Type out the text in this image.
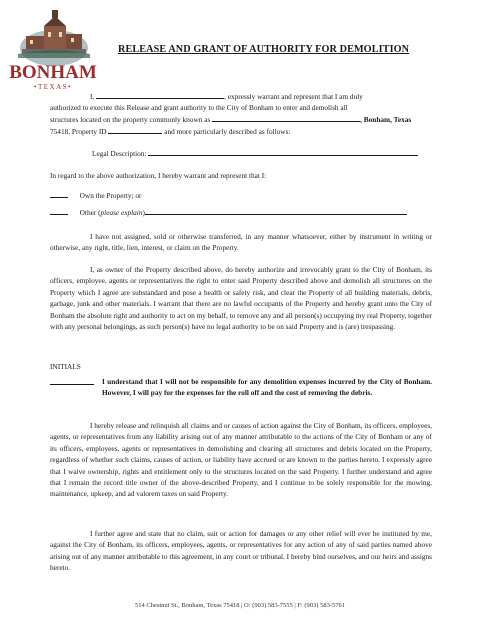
BONHAM
•TEXAS•
RELEASE AND GRANT OF AUTHORITY FOR DEMOLITION
I,	, expressly warrant and represent that I am duly
authorized to execute this Release and grant authority to the City of Bonham to enter and demolish all
structures located on the property commonly known as	, Bonham, Texas
75418, Property ID	and more particularly described as follows:
Legal Description:
In regard to the above authorization, I hereby warrant and represent that I:
Own the Property; or
Other (please explain)
I have not assigned, sold or otherwise transferred, in any manner whatsoever, either by instrument in writing or otherwise, any right, title, lien, interest, or claim on the Property.
I, as owner of the Property described above, do hereby authorize and irrevocably grant to the City of Bonham, its officers, employee, agents or representatives the right to enter said Property described above and demolish all structures on the Property which I agree are substandard and pose a health or safety risk, and clear the Property of all building materials, debris, garbage, junk and other materials. I warrant that there are no lawful occupants of the Property and hereby grant unto the City of Bonham the absolute right and authority to act on my behalf, to remove any and all person(s) occupying my real Property, together with any personal belongings, as such person(s) have no legal authority to be on said Property and is (are) trespassing.
INITIALS
I understand that I will not be responsible for any demolition expenses incurred by the City of Bonham. However, I will pay for the expenses for the roll off and the cost of removing the debris.
I hereby release and relinquish all claims and or causes of action against the City of Bonham, its officers, employees, agents, or representatives from any liability arising out of any manner attributable to the actions of the City of Bonham or any of its officers, employees, agents or representatives in demolishing and clearing all structures and debris located on the Property, regardless of whether such claims, causes of action, or liability have accrued or are known to the parties hereto. I expressly agree that I waive ownership, rights and entitlement only to the structures located on the said Property. I further understand and agree that I remain the record title owner of the above-described Property, and I continue to be solely responsible for the mowing, maintenance, upkeep, and ad valorem taxes on said Property.
I further agree and state that no claim, suit or action for damages or any other relief will ever be instituted by me, against the City of Bonham, its officers, employees, agents, or representatives for any action of any of said parties named above arising out of any manner attributable to this agreement, in any court or tribunal. I hereby bind ourselves, and our heirs and assigns hereto.
514 Chestnut St., Bonham, Texas 75418 | O: (903) 583-7555 | F: (903) 583-5761
